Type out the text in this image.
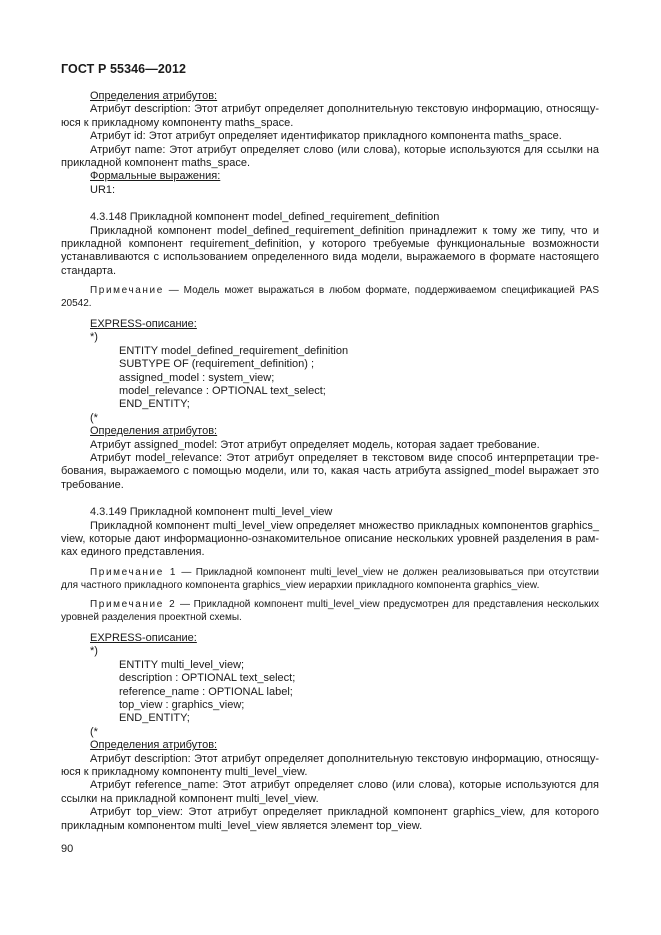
ГОСТ Р 55346—2012

Определения атрибутов:

Атрибут description: Этот атрибут определяет дополнительную текстовую информацию, относящу-юся к прикладному компоненту maths_space.

Атрибут id: Этот атрибут определяет идентификатор прикладного компонента maths_space.

Атрибут name: Этот атрибут определяет слово (или слова), которые используются для ссылки на прикладной компонент maths_space.

Формальные выражения:

UR1:

4.3.148 Прикладной компонент model_defined_requirement_definition

Прикладной компонент model_defined_requirement_definition принадлежит к тому же типу, что и прикладной компонент requirement_definition, у которого требуемые функциональные возможности устанавливаются с использованием определенного вида модели, выражаемого в формате настоящего стандарта.

Примечание — Модель может выражаться в любом формате, поддерживаемом спецификацией PAS 20542.

EXPRESS-описание:

*)

ENTITY model_defined_requirement_definition

SUBTYPE OF (requirement_definition) ;

assigned_model : system_view;

model_relevance : OPTIONAL text_select;

END_ENTITY;

(*

Определения атрибутов:

Атрибут assigned_model: Этот атрибут определяет модель, которая задает требование.

Атрибут model_relevance: Этот атрибут определяет в текстовом виде способ интерпретации тре-бования, выражаемого с помощью модели, или то, какая часть атрибута assigned_model выражает это требование.

4.3.149 Прикладной компонент multi_level_view

Прикладной компонент multi_level_view определяет множество прикладных компонентов graphics_ view, которые дают информационно-ознакомительное описание нескольких уровней разделения в рам-ках единого представления.

Примечание 1 — Прикладной компонент multi_level_view не должен реализовываться при отсутствии для частного прикладного компонента graphics_view иерархии прикладного компонента graphics_view.

Примечание 2 — Прикладной компонент multi_level_view предусмотрен для представления нескольких уровней разделения проектной схемы.

EXPRESS-описание:

*)

ENTITY multi_level_view;

description : OPTIONAL text_select;

reference_name : OPTIONAL label;

top_view : graphics_view;

END_ENTITY;

(*

Определения атрибутов:

Атрибут description: Этот атрибут определяет дополнительную текстовую информацию, относящу-юся к прикладному компоненту multi_level_view.

Атрибут reference_name: Этот атрибут определяет слово (или слова), которые используются для ссылки на прикладной компонент multi_level_view.

Атрибут top_view: Этот атрибут определяет прикладной компонент graphics_view, для которого прикладным компонентом multi_level_view является элемент top_view.

90
